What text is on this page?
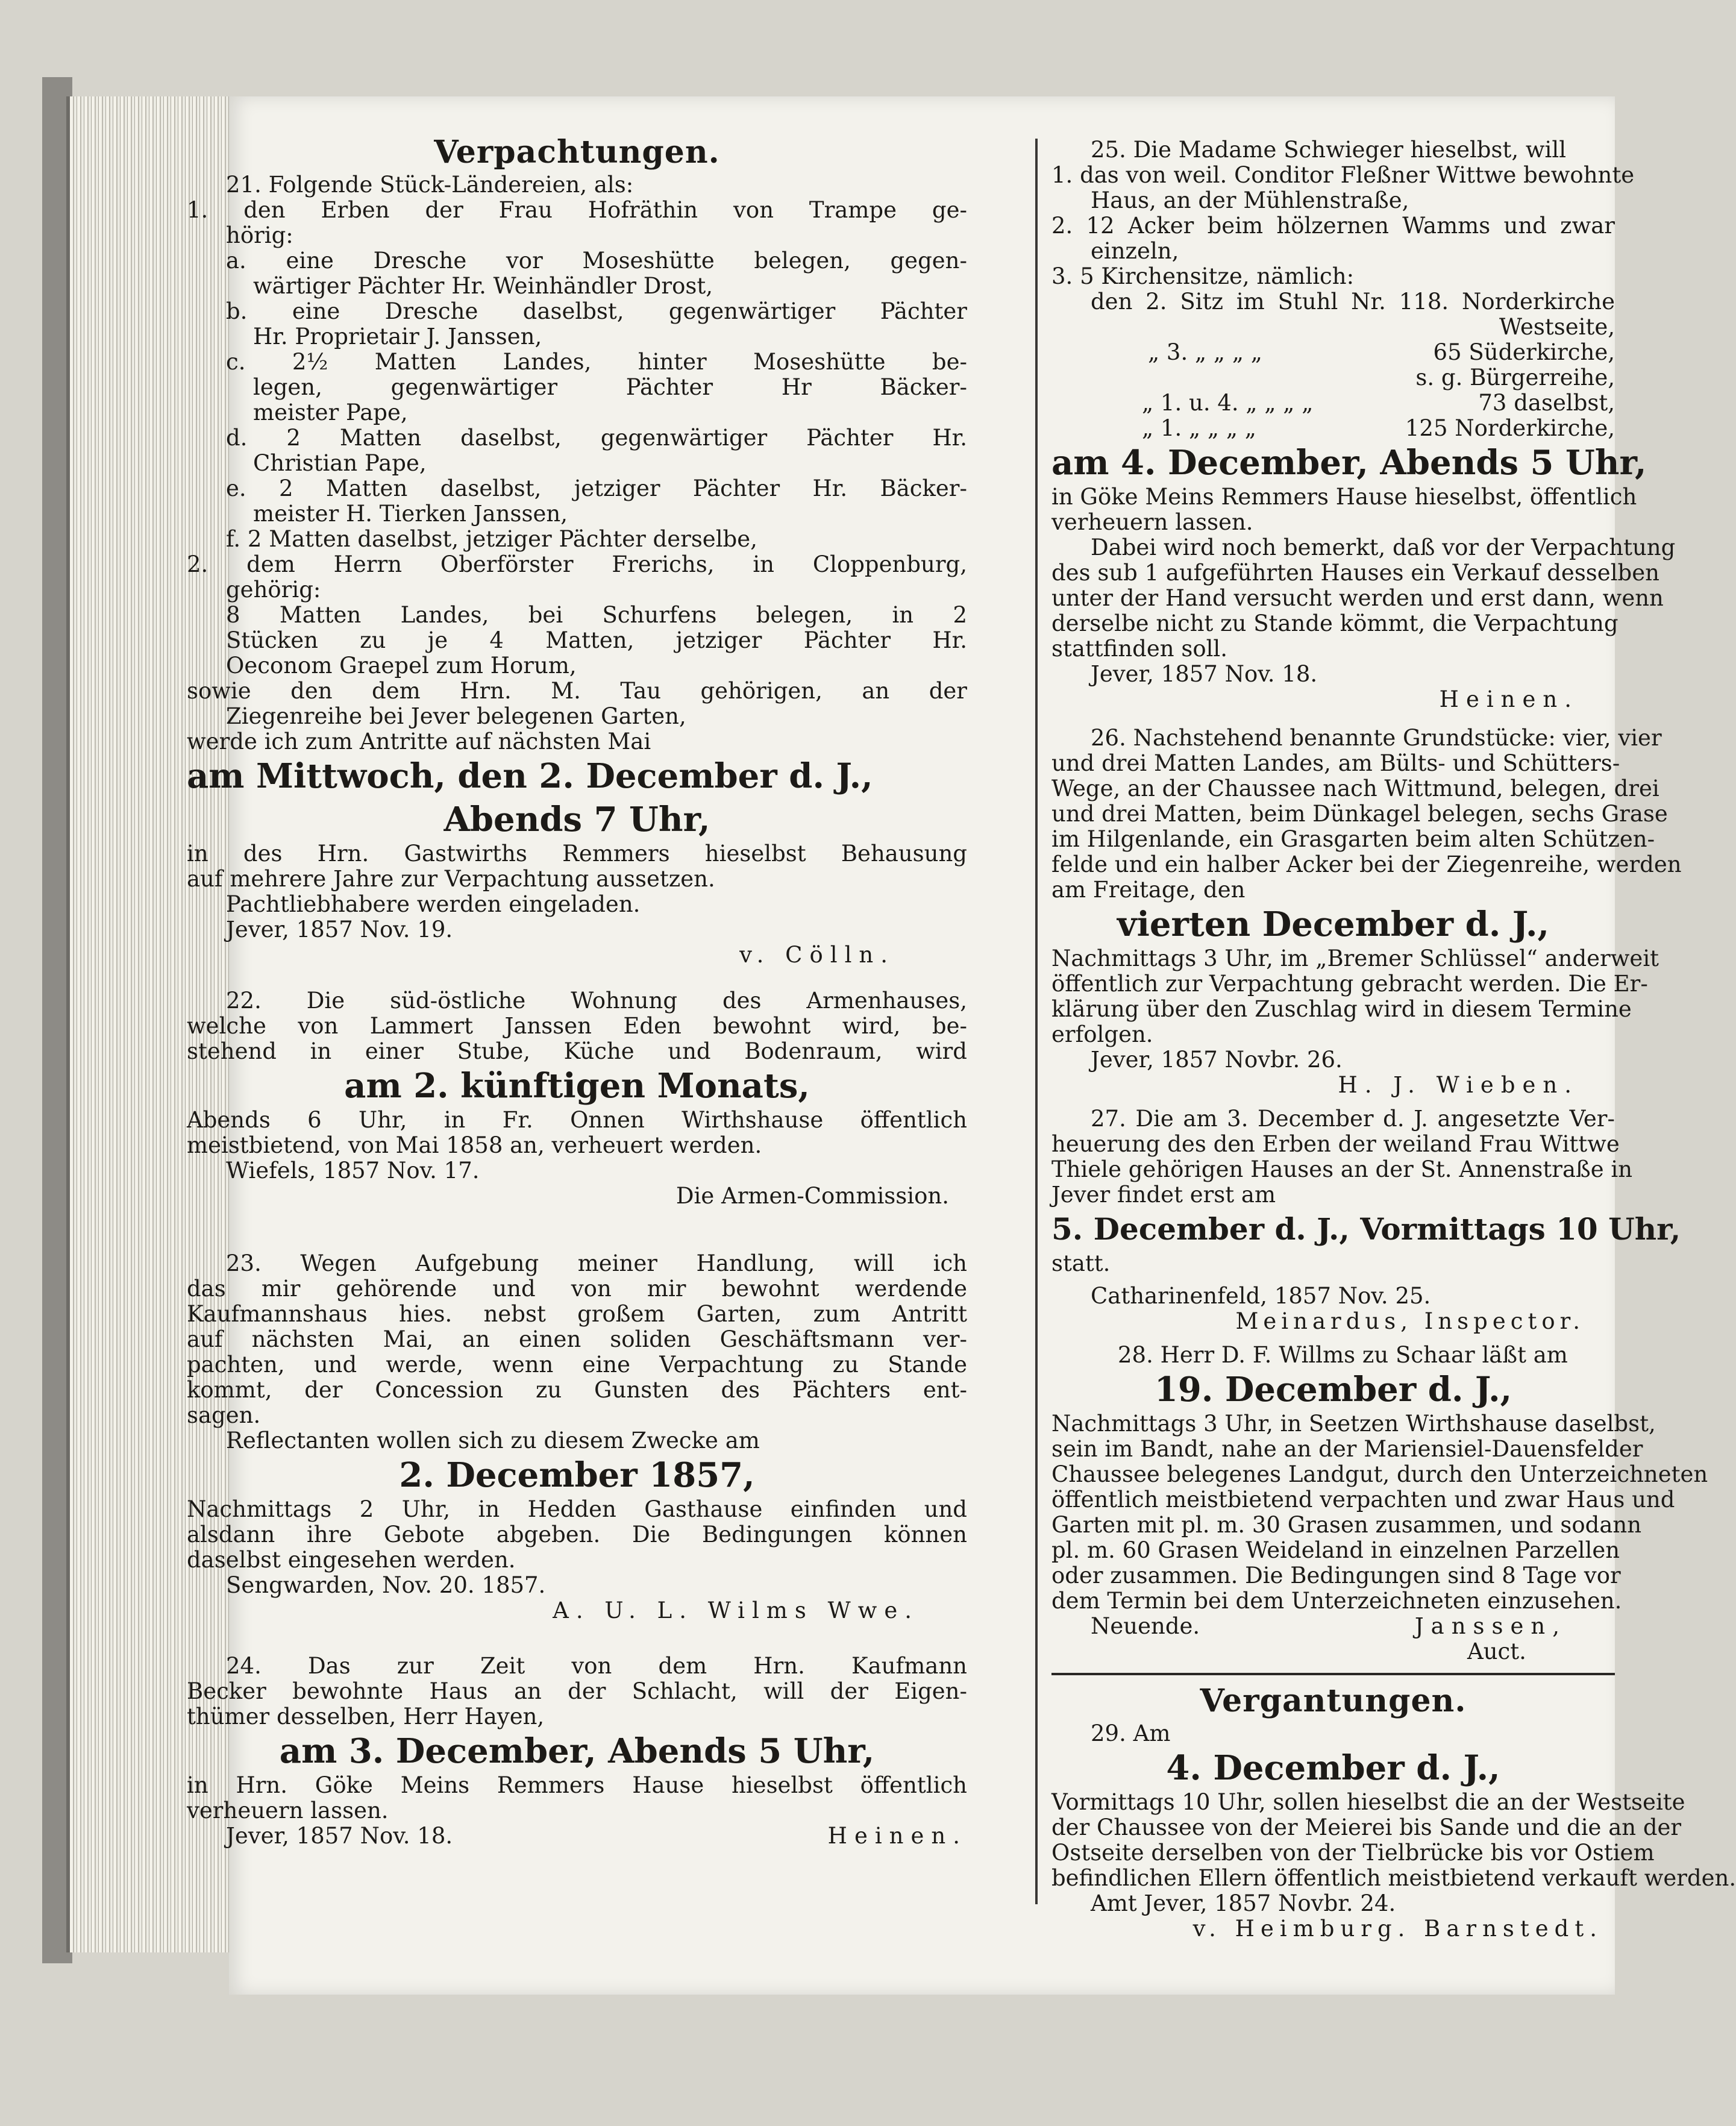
Verpachtungen.
21. Folgende Stück-Ländereien, als:
1. den Erben der Frau Hofräthin von Trampe ge-
hörig:
a. eine Dresche vor Moseshütte belegen, gegen-
wärtiger Pächter Hr. Weinhändler Drost,
b. eine Dresche daselbst, gegenwärtiger Pächter
Hr. Proprietair J. Janssen,
c. 2½ Matten Landes, hinter Moseshütte be-
legen, gegenwärtiger Pächter Hr Bäcker-
meister Pape,
d. 2 Matten daselbst, gegenwärtiger Pächter Hr.
Christian Pape,
e. 2 Matten daselbst, jetziger Pächter Hr. Bäcker-
meister H. Tierken Janssen,
f. 2 Matten daselbst, jetziger Pächter derselbe,
2. dem Herrn Oberförster Frerichs, in Cloppenburg,
gehörig:
8 Matten Landes, bei Schurfens belegen, in 2
Stücken zu je 4 Matten, jetziger Pächter Hr.
Oeconom Graepel zum Horum,
sowie den dem Hrn. M. Tau gehörigen, an der
Ziegenreihe bei Jever belegenen Garten,
werde ich zum Antritte auf nächsten Mai
am Mittwoch, den 2. December d. J.,
Abends 7 Uhr,
in des Hrn. Gastwirths Remmers hieselbst Behausung
auf mehrere Jahre zur Verpachtung aussetzen.
Pachtliebhabere werden eingeladen.
Jever, 1857 Nov. 19.
v. Cölln.
22. Die süd-östliche Wohnung des Armenhauses,
welche von Lammert Janssen Eden bewohnt wird, be-
stehend in einer Stube, Küche und Bodenraum, wird
am 2. künftigen Monats,
Abends 6 Uhr, in Fr. Onnen Wirthshause öffentlich
meistbietend, von Mai 1858 an, verheuert werden.
Wiefels, 1857 Nov. 17.
Die Armen-Commission.
23. Wegen Aufgebung meiner Handlung, will ich
das mir gehörende und von mir bewohnt werdende
Kaufmannshaus hies. nebst großem Garten, zum Antritt
auf nächsten Mai, an einen soliden Geschäftsmann ver-
pachten, und werde, wenn eine Verpachtung zu Stande
kommt, der Concession zu Gunsten des Pächters ent-
sagen.
Reflectanten wollen sich zu diesem Zwecke am
2. December 1857,
Nachmittags 2 Uhr, in Hedden Gasthause einfinden und
alsdann ihre Gebote abgeben. Die Bedingungen können
daselbst eingesehen werden.
Sengwarden, Nov. 20. 1857.
A. U. L. Wilms Wwe.
24. Das zur Zeit von dem Hrn. Kaufmann
Becker bewohnte Haus an der Schlacht, will der Eigen-
thümer desselben, Herr Hayen,
am 3. December, Abends 5 Uhr,
in Hrn. Göke Meins Remmers Hause hieselbst öffentlich
verheuern lassen.
Jever, 1857 Nov. 18.	Heinen.
25. Die Madame Schwieger hieselbst, will
1. das von weil. Conditor Fleßner Wittwe bewohnte
Haus, an der Mühlenstraße,
2. 12 Acker beim hölzernen Wamms und zwar
einzeln,
3. 5 Kirchensitze, nämlich:
den 2. Sitz im Stuhl Nr. 118. Norderkirche
Westseite,
„ 3. „ „ „ „	65 Süderkirche,
s. g. Bürgerreihe,
„ 1. u. 4. „ „ „ „	73 daselbst,
„ 1. „ „ „ „	125 Norderkirche,
am 4. December, Abends 5 Uhr,
in Göke Meins Remmers Hause hieselbst, öffentlich
verheuern lassen.
Dabei wird noch bemerkt, daß vor der Verpachtung
des sub 1 aufgeführten Hauses ein Verkauf desselben
unter der Hand versucht werden und erst dann, wenn
derselbe nicht zu Stande kömmt, die Verpachtung
stattfinden soll.
Jever, 1857 Nov. 18.
Heinen.
26. Nachstehend benannte Grundstücke: vier, vier
und drei Matten Landes, am Bülts- und Schütters-
Wege, an der Chaussee nach Wittmund, belegen, drei
und drei Matten, beim Dünkagel belegen, sechs Grase
im Hilgenlande, ein Grasgarten beim alten Schützen-
felde und ein halber Acker bei der Ziegenreihe, werden
am Freitage, den
vierten December d. J.,
Nachmittags 3 Uhr, im „Bremer Schlüssel“ anderweit
öffentlich zur Verpachtung gebracht werden. Die Er-
klärung über den Zuschlag wird in diesem Termine
erfolgen.
Jever, 1857 Novbr. 26.
H. J. Wieben.
27. Die am 3. December d. J. angesetzte Ver-
heuerung des den Erben der weiland Frau Wittwe
Thiele gehörigen Hauses an der St. Annenstraße in
Jever findet erst am
5. December d. J., Vormittags 10 Uhr,
statt.
Catharinenfeld, 1857 Nov. 25.
Meinardus, Inspector.
28. Herr D. F. Willms zu Schaar läßt am
19. December d. J.,
Nachmittags 3 Uhr, in Seetzen Wirthshause daselbst,
sein im Bandt, nahe an der Mariensiel-Dauensfelder
Chaussee belegenes Landgut, durch den Unterzeichneten
öffentlich meistbietend verpachten und zwar Haus und
Garten mit pl. m. 30 Grasen zusammen, und sodann
pl. m. 60 Grasen Weideland in einzelnen Parzellen
oder zusammen. Die Bedingungen sind 8 Tage vor
dem Termin bei dem Unterzeichneten einzusehen.
Neuende.	Janssen,
Auct.
Vergantungen.
29. Am
4. December d. J.,
Vormittags 10 Uhr, sollen hieselbst die an der Westseite
der Chaussee von der Meierei bis Sande und die an der
Ostseite derselben von der Tielbrücke bis vor Ostiem
befindlichen Ellern öffentlich meistbietend verkauft werden.
Amt Jever, 1857 Novbr. 24.
v. Heimburg. Barnstedt.
